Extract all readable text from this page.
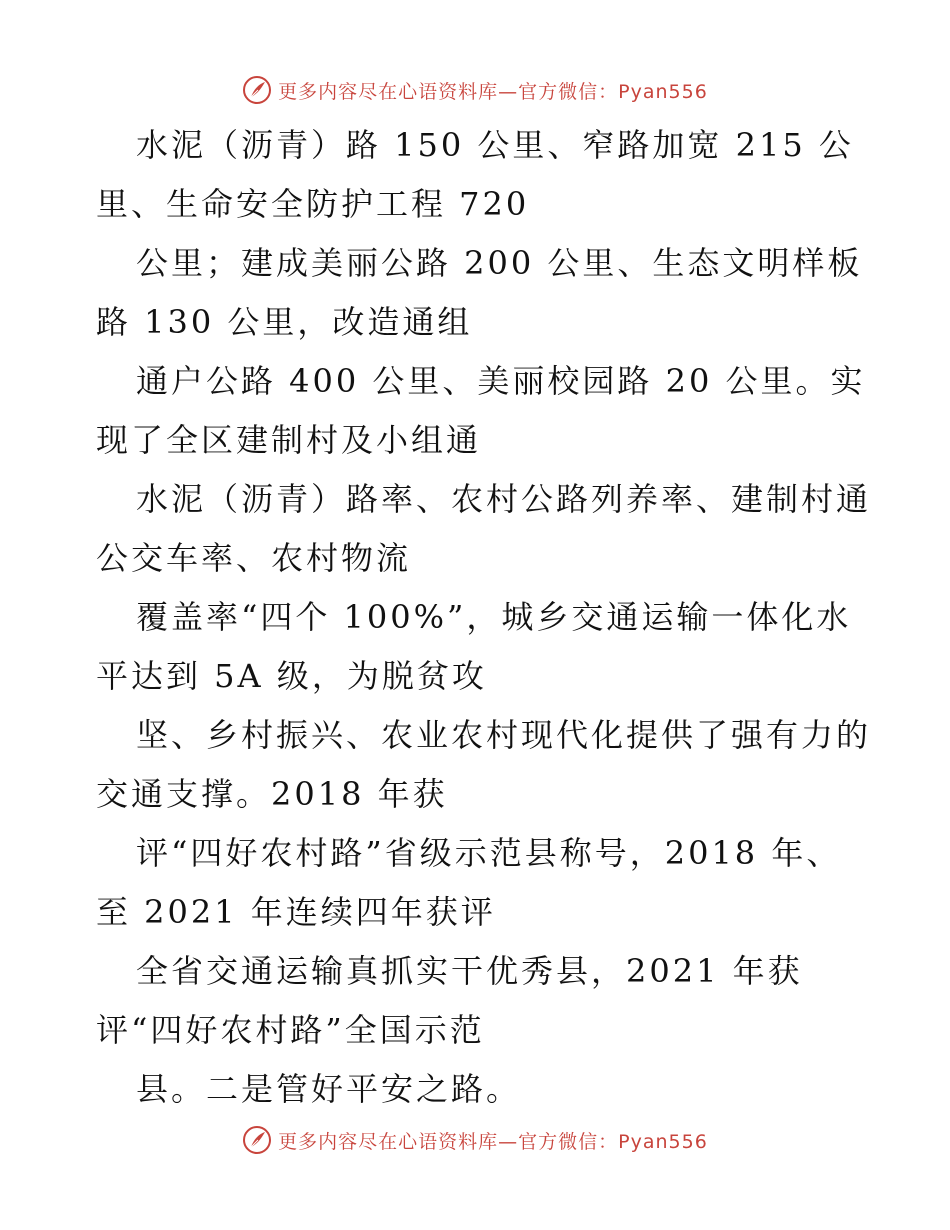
更多内容尽在心语资料库—官方微信：Pyan556
水泥（沥青）路 150 公里、窄路加宽 215 公
里、生命安全防护工程 720
公里；建成美丽公路 200 公里、生态文明样板
路 130 公里，改造通组
通户公路 400 公里、美丽校园路 20 公里。实
现了全区建制村及小组通
水泥（沥青）路率、农村公路列养率、建制村通
公交车率、农村物流
覆盖率“四个 100%”，城乡交通运输一体化水
平达到 5A 级，为脱贫攻
坚、乡村振兴、农业农村现代化提供了强有力的
交通支撑。2018 年获
评“四好农村路”省级示范县称号，2018 年、
至 2021 年连续四年获评
全省交通运输真抓实干优秀县，2021 年获
评“四好农村路”全国示范
县。二是管好平安之路。
更多内容尽在心语资料库—官方微信：Pyan556
